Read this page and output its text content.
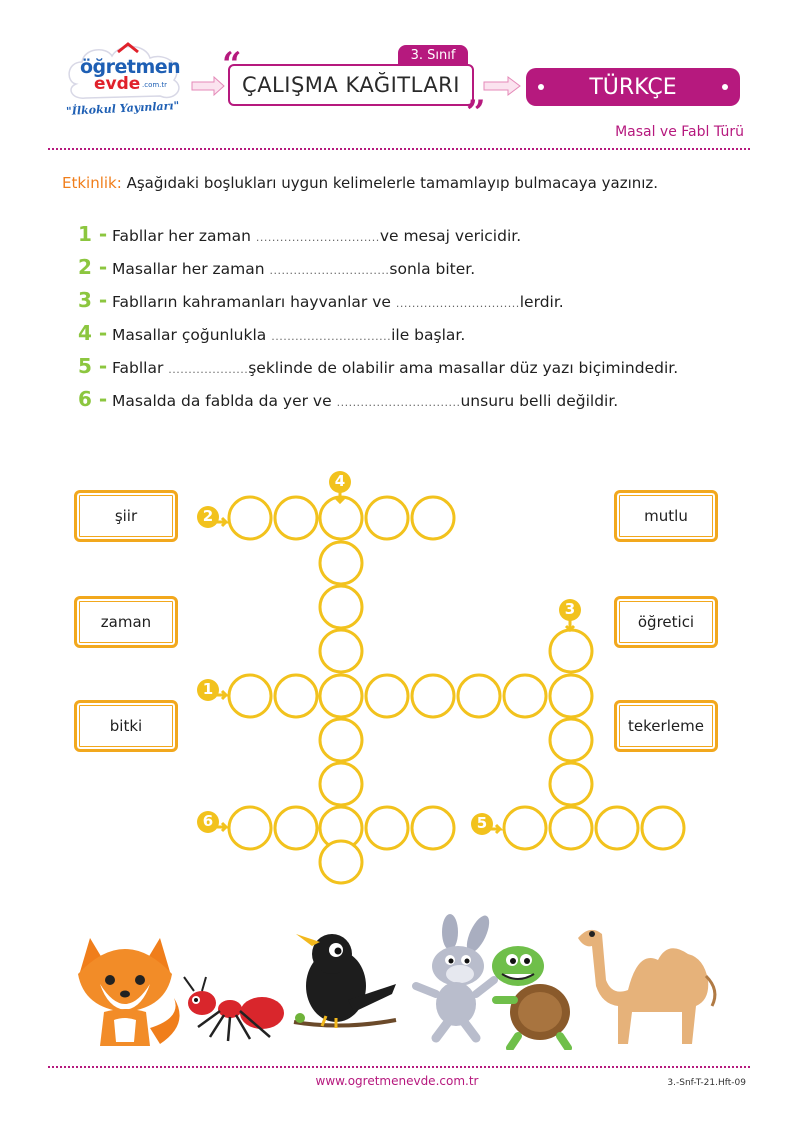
öğretmen
evde .com.tr
"İlkokul Yayınları"
“	3. Sınıf
ÇALIŞMA KAĞITLARI
”
TÜRKÇE
Masal ve Fabl Türü
Etkinlik: Aşağıdaki boşlukları uygun kelimelerle tamamlayıp bulmacaya yazınız.
1 - Fabllar her zaman
............................... ve mesaj vericidir.
2 - Masallar her zaman
.............................. sonla biter.
3 - Fablların kahramanları hayvanlar ve
............................... lerdir.
4 - Masallar çoğunlukla
.............................. ile başlar.
5 - Fabllar
.................... şeklinde de olabilir ama masallar düz yazı biçimindedir.
6 - Masalda da fablda da yer ve
............................... unsuru belli değildir.
şiir
zaman
bitki
mutlu
öğretici
tekerleme
2
4
3
1
6	5
www.ogretmenevde.com.tr	3.-Snf-T-21.Hft-09
